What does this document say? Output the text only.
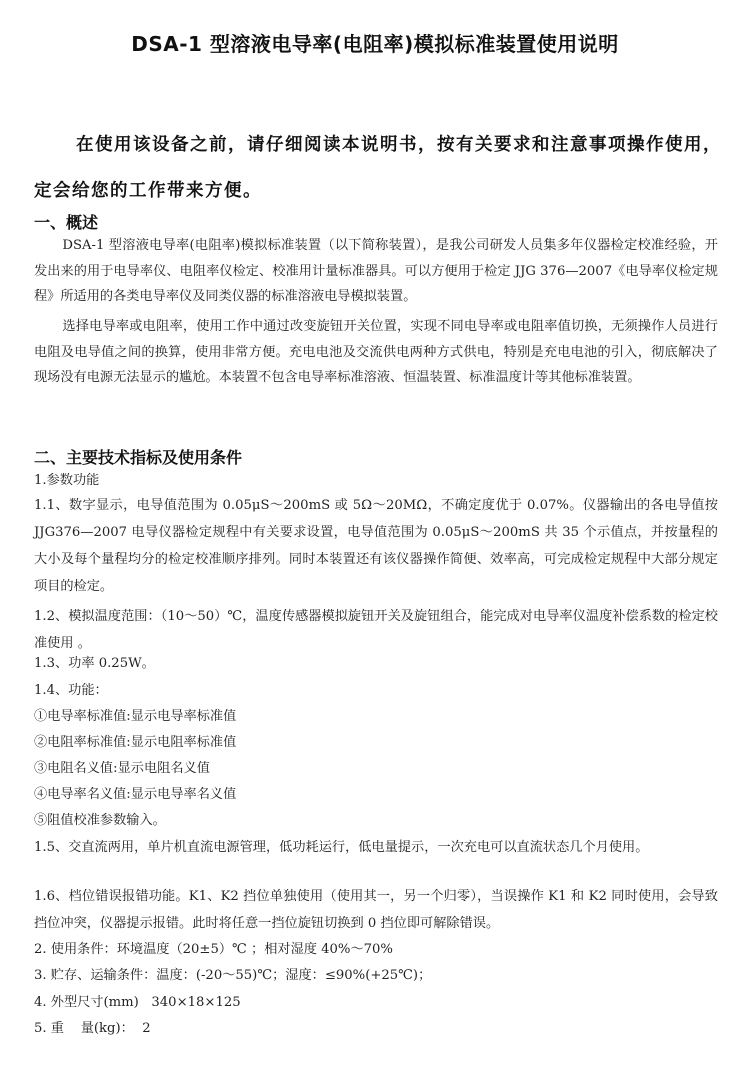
DSA-1 型溶液电导率(电阻率)模拟标准装置使用说明
在使用该设备之前，请仔细阅读本说明书，按有关要求和注意事项操作使用，定会给您的工作带来方便。
一、概述
DSA-1 型溶液电导率(电阻率)模拟标准装置（以下简称装置），是我公司研发人员集多年仪器检定校准经验，开发出来的用于电导率仪、电阻率仪检定、校准用计量标准器具。可以方便用于检定 JJG 376—2007《电导率仪检定规程》所适用的各类电导率仪及同类仪器的标准溶液电导模拟装置。
选择电导率或电阻率，使用工作中通过改变旋钮开关位置，实现不同电导率或电阻率值切换，无须操作人员进行电阻及电导值之间的换算，使用非常方便。充电电池及交流供电两种方式供电，特别是充电电池的引入，彻底解决了现场没有电源无法显示的尴尬。本装置不包含电导率标准溶液、恒温装置、标准温度计等其他标准装置。
二、主要技术指标及使用条件
1.参数功能
1.1、数字显示，电导值范围为 0.05μS～200mS 或 5Ω～20MΩ，不确定度优于 0.07%。仪器输出的各电导值按 JJG376—2007 电导仪器检定规程中有关要求设置，电导值范围为 0.05μS～200mS 共 35 个示值点，并按量程的大小及每个量程均分的检定校准顺序排列。同时本装置还有该仪器操作简便、效率高，可完成检定规程中大部分规定项目的检定。
1.2、模拟温度范围：（10～50）℃，温度传感器模拟旋钮开关及旋钮组合，能完成对电导率仪温度补偿系数的检定校准使用 。
1.3、功率 0.25W。
1.4、功能：
①电导率标准值:显示电导率标准值
②电阻率标准值:显示电阻率标准值
③电阻名义值:显示电阻名义值
④电导率名义值:显示电导率名义值
⑤阻值校准参数输入。
1.5、交直流两用，单片机直流电源管理，低功耗运行，低电量提示，一次充电可以直流状态几个月使用。
1.6、档位错误报错功能。K1、K2 挡位单独使用（使用其一，另一个归零），当误操作 K1 和 K2 同时使用，会导致挡位冲突，仪器提示报错。此时将任意一挡位旋钮切换到 0 挡位即可解除错误。
2. 使用条件：环境温度（20±5）℃ ；相对湿度 40%～70%
3. 贮存、运输条件：温度：(-20～55)℃；湿度：≤90%(+25℃)；
4. 外型尺寸(mm)   340×18×125
5. 重    量(kg)：  2
